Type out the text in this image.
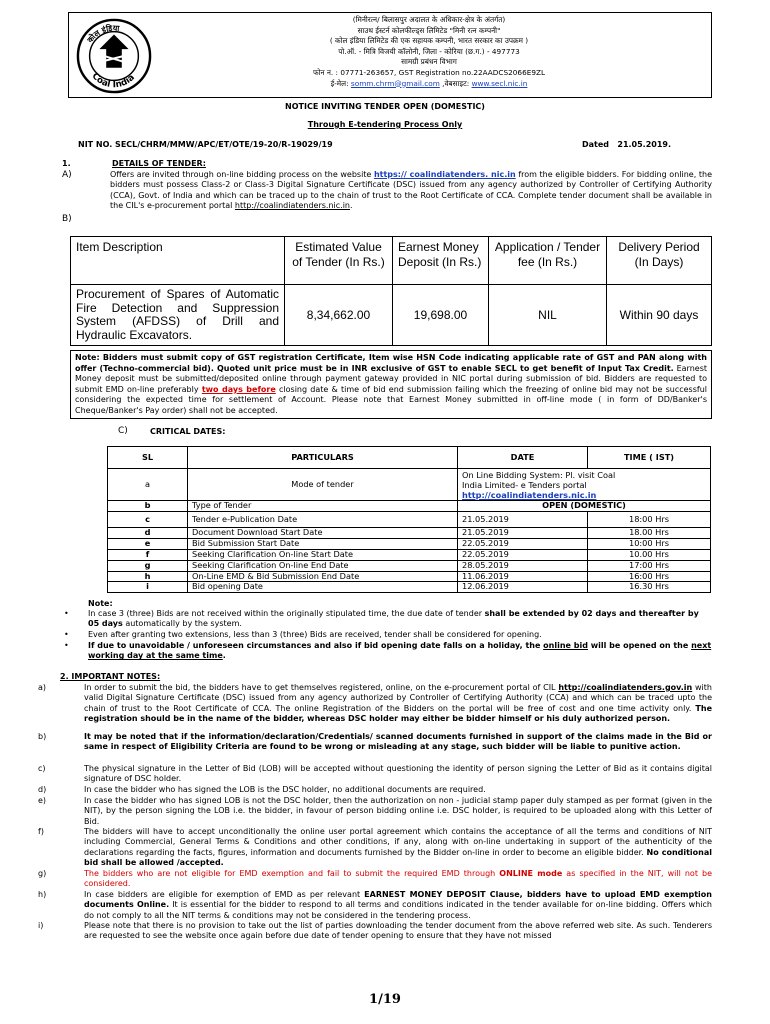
कोल इंडिया
Coal India
(मिनीरत्न/ बिलासपुर अदालत के अधिकार-क्षेत्र के अंतर्गत)
साउथ ईस्टर्न कोलफील्ड्स लिमिटेड "मिनी रत्न कम्पनी"
( कोल इंडिया लिमिटेड की एक सहायक कम्पनी, भारत सरकार का उपक्रम )
पो.ऑ. - मित्रि विजयी कॉलोनी, जिला - कोरिया (छ.ग.) - 497773
सामग्री प्रबंधन विभाग
फोन न. : 07771-263657, GST Registration no.22AADCS2066E9ZL
ई-मेल: somm.chrm@gmail.com ,वेबसाइट: www.secl.nic.in
NOTICE INVITING TENDER OPEN (DOMESTIC)
Through E-tendering Process Only
NIT NO. SECL/CHRM/MMW/APC/ET/OTE/19-20/R-19029/19	Dated 21.05.2019.
1.	DETAILS OF TENDER:
A)	Offers are invited through on-line bidding process on the website https:// coalindiatenders. nic.in from the eligible bidders. For bidding online, the bidders must possess Class-2 or Class-3 Digital Signature Certificate (DSC) issued from any agency authorized by Controller of Certifying Authority (CCA), Govt. of India and which can be traced up to the chain of trust to the Root Certificate of CCA. Complete tender document shall be available in the CIL's e-procurement portal http://coalindiatenders.nic.in.
B)
Item Description	Estimated Value of Tender (In Rs.)	Earnest Money Deposit (In Rs.)	Application / Tender fee (In Rs.)	Delivery Period (In Days)
Procurement of Spares of Automatic Fire Detection and Suppression System (AFDSS) of Drill and Hydraulic Excavators.	8,34,662.00	19,698.00	NIL	Within 90 days
Note: Bidders must submit copy of GST registration Certificate, Item wise HSN Code indicating applicable rate of GST and PAN along with offer (Techno-commercial bid). Quoted unit price must be in INR exclusive of GST to enable SECL to get benefit of Input Tax Credit. Earnest Money deposit must be submitted/deposited online through payment gateway provided in NIC portal during submission of bid. Bidders are requested to submit EMD on-line preferably two days before closing date & time of bid end submission failing which the freezing of online bid may not be successful considering the expected time for settlement of Account. Please note that Earnest Money submitted in off-line mode ( in form of DD/Banker's Cheque/Banker's Pay order) shall not be accepted.
C)	CRITICAL DATES:
SL	PARTICULARS	DATE	TIME ( IST)
a	Mode of tender	On Line Bidding System: Pl. visit Coal India Limited- e Tenders portal
http://coalindiatenders.nic.in	

b	Type of Tender	OPEN (DOMESTIC)	
c	Tender e-Publication Date	21.05.2019	18:00 Hrs
d	Document Download Start Date	21.05.2019	18.00 Hrs
e	Bid Submission Start Date	22.05.2019	10:00 Hrs
f	Seeking Clarification On-line Start Date	22.05.2019	10.00 Hrs
g	Seeking Clarification On-line End Date	28.05.2019	17:00 Hrs
h	On-Line EMD & Bid Submission End Date	11.06.2019	16:00 Hrs
i	Bid opening Date	12.06.2019	16.30 Hrs
Note:
• In case 3 (three) Bids are not received within the originally stipulated time, the due date of tender shall be extended by 02 days and thereafter by 05 days automatically by the system.
• Even after granting two extensions, less than 3 (three) Bids are received, tender shall be considered for opening.
• If due to unavoidable / unforeseen circumstances and also if bid opening date falls on a holiday, the online bid will be opened on the next working day at the same time.
2. IMPORTANT NOTES:
a)	In order to submit the bid, the bidders have to get themselves registered, online, on the e-procurement portal of CIL http://coalindiatenders.gov.in with valid Digital Signature Certificate (DSC) issued from any agency authorized by Controller of Certifying Authority (CCA) and which can be traced upto the chain of trust to the Root Certificate of CCA. The online Registration of the Bidders on the portal will be free of cost and one time activity only. The registration should be in the name of the bidder, whereas DSC holder may either be bidder himself or his duly authorized person.
b)	It may be noted that if the information/declaration/Credentials/ scanned documents furnished in support of the claims made in the Bid or same in respect of Eligibility Criteria are found to be wrong or misleading at any stage, such bidder will be liable to punitive action.
c)	The physical signature in the Letter of Bid (LOB) will be accepted without questioning the identity of person signing the Letter of Bid as it contains digital signature of DSC holder.
d)	In case the bidder who has signed the LOB is the DSC holder, no additional documents are required.
e)	In case the bidder who has signed LOB is not the DSC holder, then the authorization on non - judicial stamp paper duly stamped as per format (given in the NIT), by the person signing the LOB i.e. the bidder, in favour of person bidding online i.e. DSC holder, is required to be uploaded along with this Letter of Bid.
f)	The bidders will have to accept unconditionally the online user portal agreement which contains the acceptance of all the terms and conditions of NIT including Commercial, General Terms & Conditions and other conditions, if any, along with on-line undertaking in support of the authenticity of the declarations regarding the facts, figures, information and documents furnished by the Bidder on-line in order to become an eligible bidder. No conditional bid shall be allowed /accepted.
g)	The bidders who are not eligible for EMD exemption and fail to submit the required EMD through ONLINE mode as specified in the NIT, will not be considered.
h)	In case bidders are eligible for exemption of EMD as per relevant EARNEST MONEY DEPOSIT Clause, bidders have to upload EMD exemption documents Online. It is essential for the bidder to respond to all terms and conditions indicated in the tender available for on-line bidding. Offers which do not comply to all the NIT terms & conditions may not be considered in the tendering process.
i)	Please note that there is no provision to take out the list of parties downloading the tender document from the above referred web site. As such. Tenderers are requested to see the website once again before due date of tender opening to ensure that they have not missed
1/19
